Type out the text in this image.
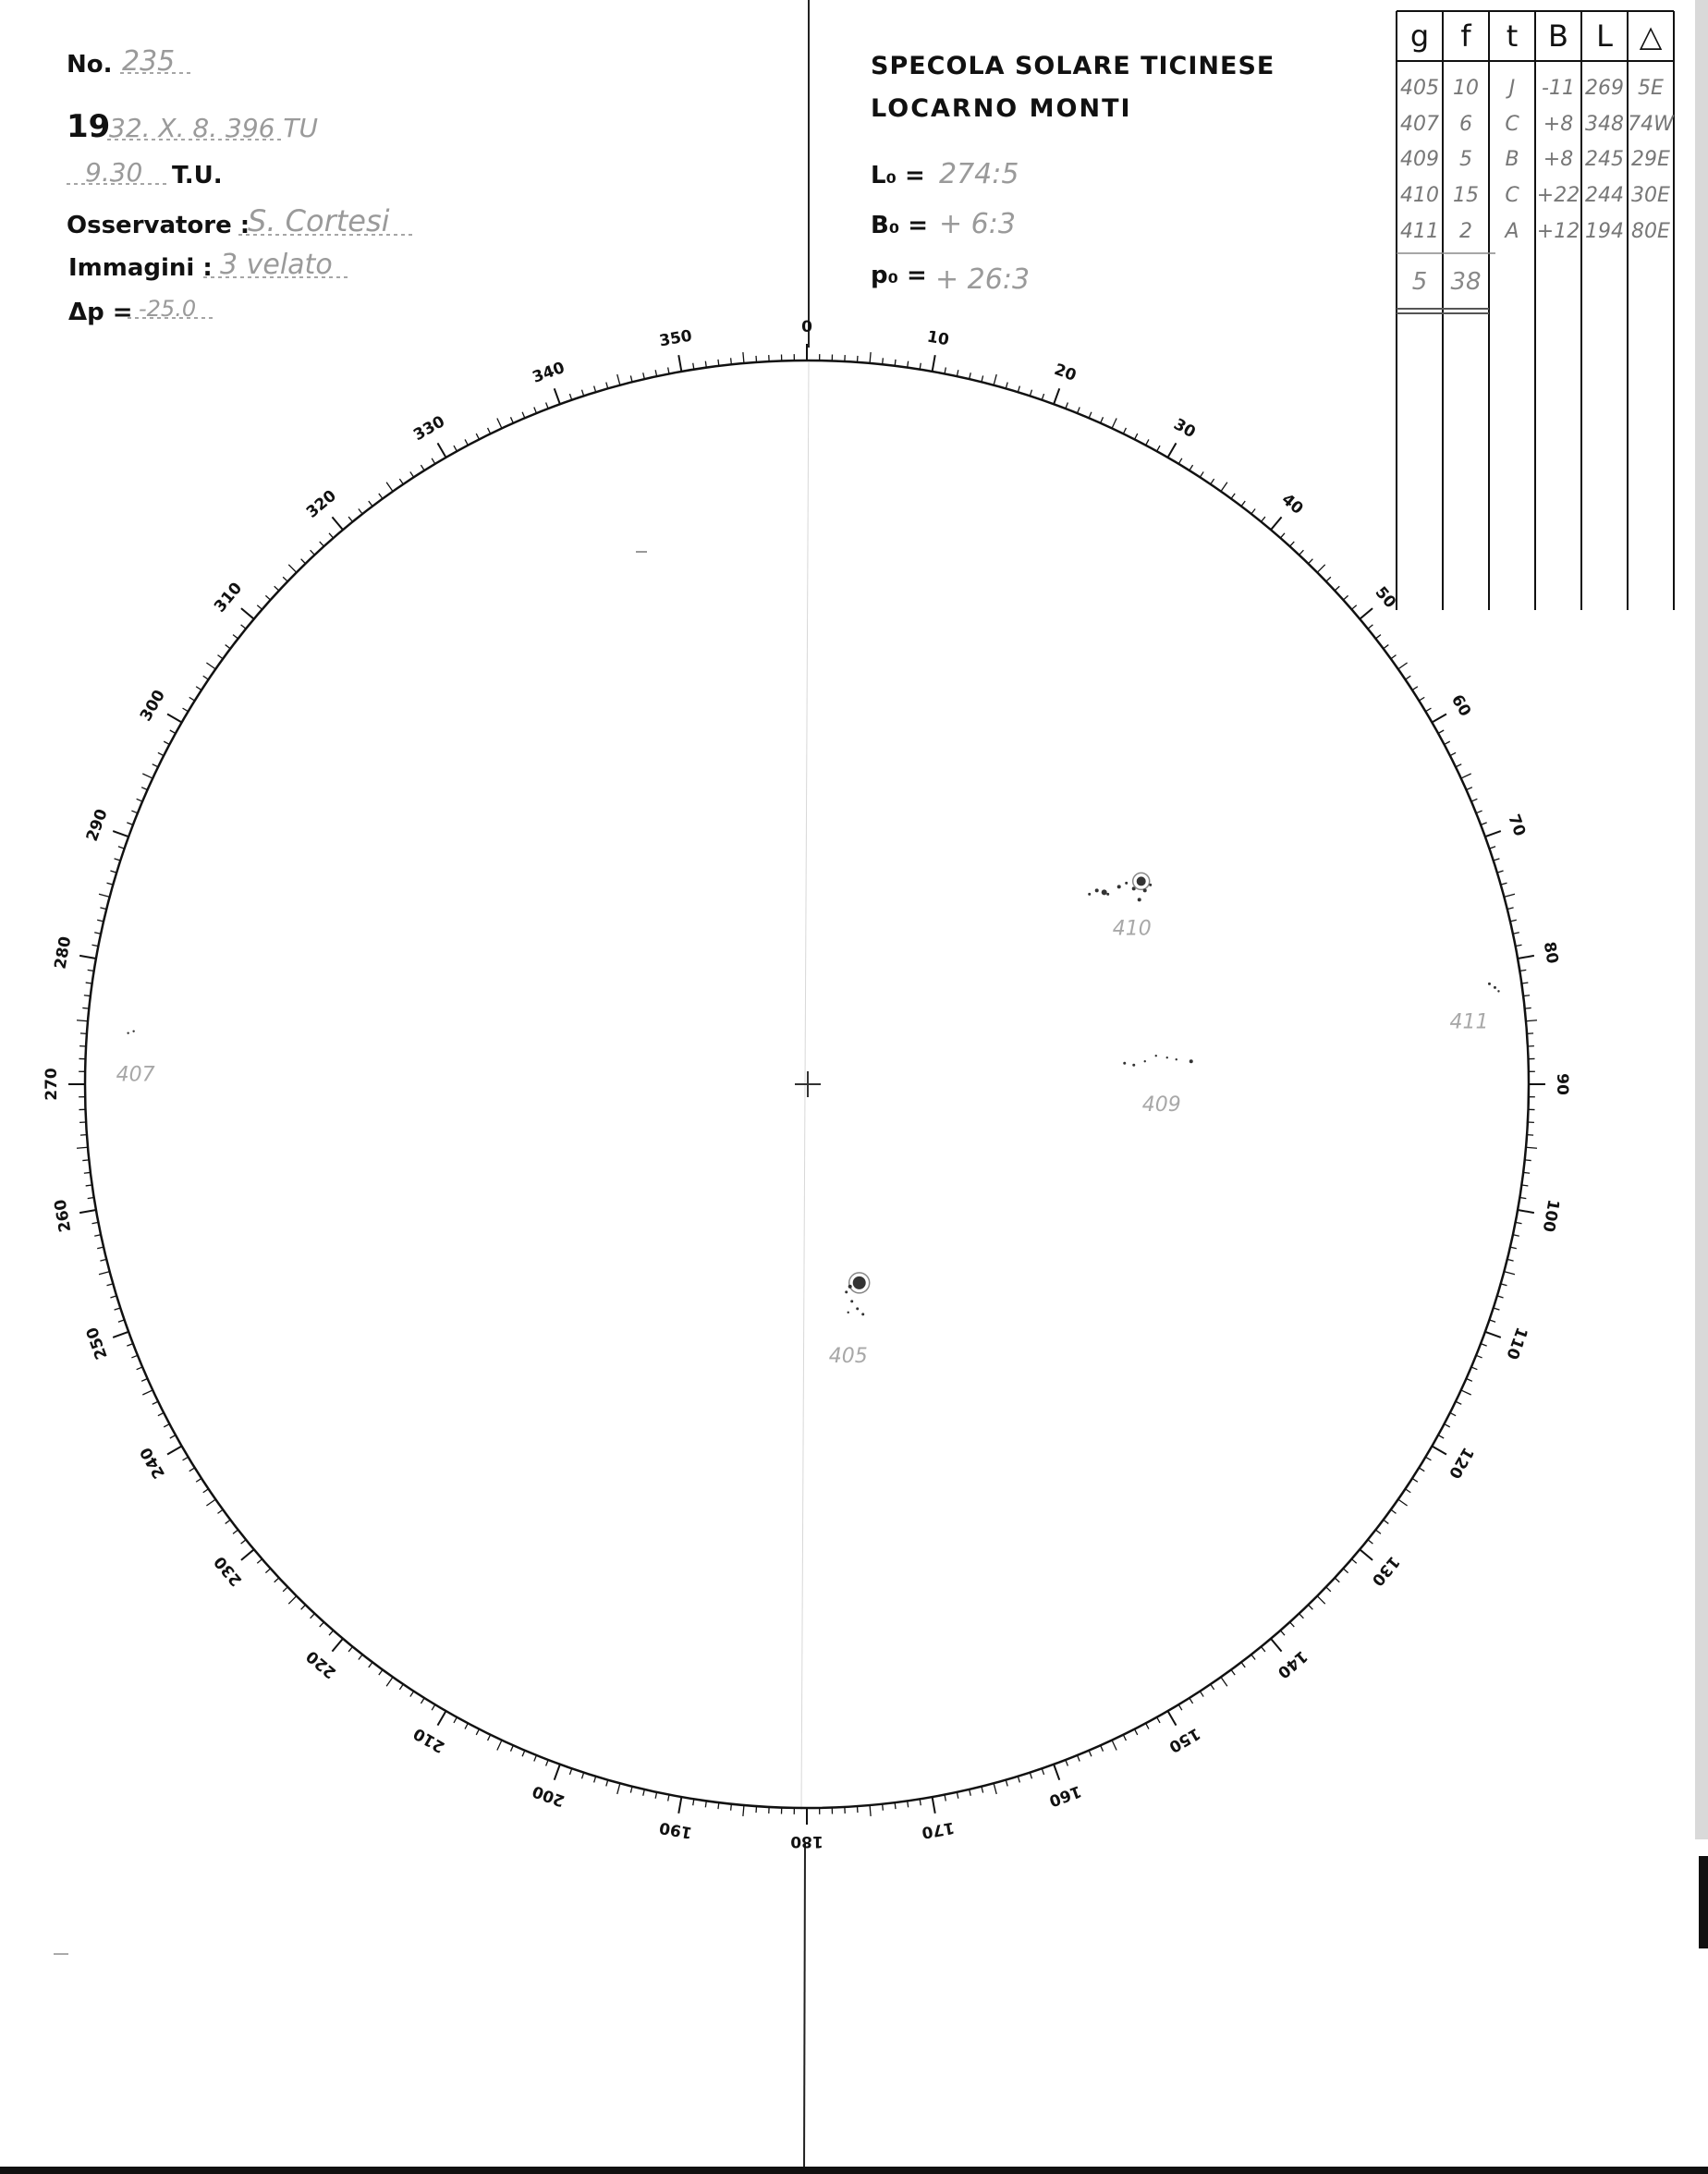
0
10
20
30
40
50
60
70
80
90
100
110
120
130
140
150
160
170
180
190
200
210
220
230
240
250
260
270
280
290
300
310
320
330
340
350
No. 235
19
32. X. 8. 396 TU
9.30 T.U.
Osservatore :
S. Cortesi
Immagini : 3 velato
Δp = -25.0
SPECOLA SOLARE TICINESE
LOCARNO MONTI
L₀ = 274:5
B₀ = + 6:3
p₀ = + 26:3
g f t B L △
405 10 J -11 269 5E
407 6 C +8 348 74W
409 5 B +8 245 29E
410 15 C +22 244 30E
411 2 A +12 194 80E
5 38
410
411
409
405
407
